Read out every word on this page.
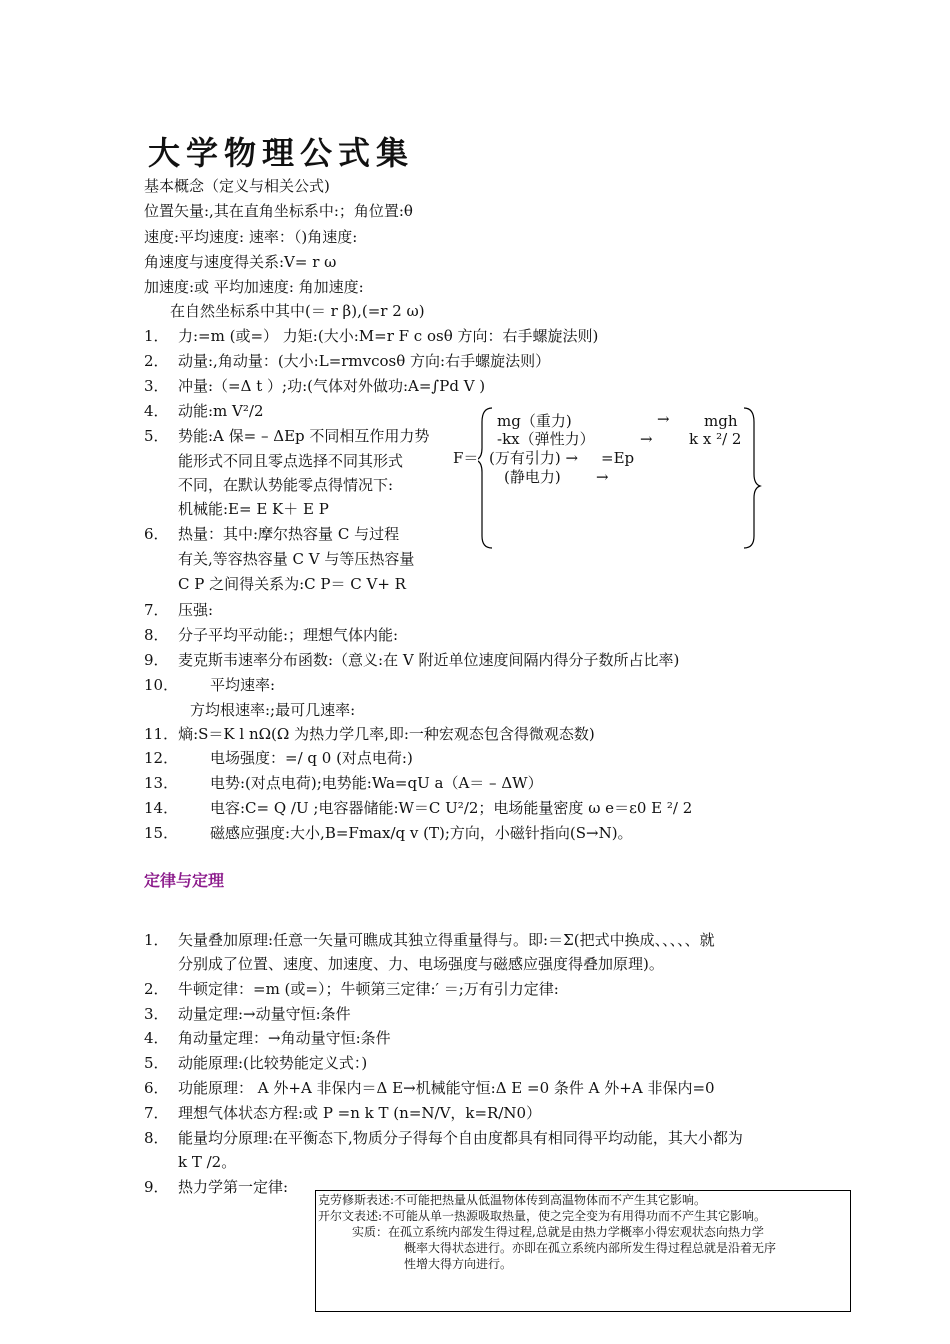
大学物理公式集
基本概念（定义与相关公式)
位置矢量:,其在直角坐标系中:；角位置:θ
速度:平均速度: 速率：（)角速度:
角速度与速度得关系:V= r ω
加速度:或 平均加速度: 角加速度:
在自然坐标系中其中(＝ r β),(=r 2 ω)
1． 力:=m (或=） 力矩:(大小:M=r F c osθ 方向：右手螺旋法则)
2． 动量:,角动量：(大小:L=rmvcosθ 方向:右手螺旋法则）
3． 冲量:（=Δ t ）;功:(气体对外做功:A=∫Pd V )
4． 动能:m V²/2
5． 势能:A 保= – ΔEp 不同相互作用力势
能形式不同且零点选择不同其形式
不同，在默认势能零点得情况下:
机械能:E= E K＋ E P
6． 热量：其中:摩尔热容量 C 与过程
有关,等容热容量 C V 与等压热容量
C P 之间得关系为:C P＝ C V+ R
7． 压强:
8． 分子平均平动能:；理想气体内能:
9． 麦克斯韦速率分布函数:（意义:在 V 附近单位速度间隔内得分子数所占比率)
10． 平均速率:
方均根速率:;最可几速率:
11．熵:S＝K l nΩ(Ω 为热力学几率,即:一种宏观态包含得微观态数)
12． 电场强度：=/ q 0 (对点电荷:)
13． 电势:(对点电荷);电势能:Wa=qU a（A＝ – ΔW）
14． 电容:C= Q /U ;电容器储能:W＝C U²/2；电场能量密度 ω e＝ε0 E ²/ 2
15． 磁感应强度:大小,B=Fmax/q v (T);方向，小磁针指向(S→N)。
mg（重力)	→ mgh
-kx（弹性力）	→ k x ²/ 2
F＝ (万有引力) → =Ep
(静电力) →
定律与定理
1． 矢量叠加原理:任意一矢量可瞧成其独立得重量得与。即:＝Σ(把式中换成、、、、、就
分别成了位置、速度、加速度、力、电场强度与磁感应强度得叠加原理)。
2． 牛顿定律：=m (或=）；牛顿第三定律:′ ＝;万有引力定律:
3． 动量定理:→动量守恒:条件
4． 角动量定理：→角动量守恒:条件
5． 动能原理:(比较势能定义式：)
6． 功能原理： A 外+A 非保内＝Δ E→机械能守恒:Δ E =0 条件 A 外+A 非保内=0
7． 理想气体状态方程:或 P =n k T (n=N/V，k=R/N0）
8． 能量均分原理:在平衡态下,物质分子得每个自由度都具有相同得平均动能，其大小都为
k T /2。
9． 热力学第一定律:
克劳修斯表述:不可能把热量从低温物体传到高温物体而不产生其它影响。
开尔文表述:不可能从单一热源吸取热量，使之完全变为有用得功而不产生其它影响。
实质：在孤立系统内部发生得过程,总就是由热力学概率小得宏观状态向热力学
概率大得状态进行。亦即在孤立系统内部所发生得过程总就是沿着无序
性增大得方向进行。
